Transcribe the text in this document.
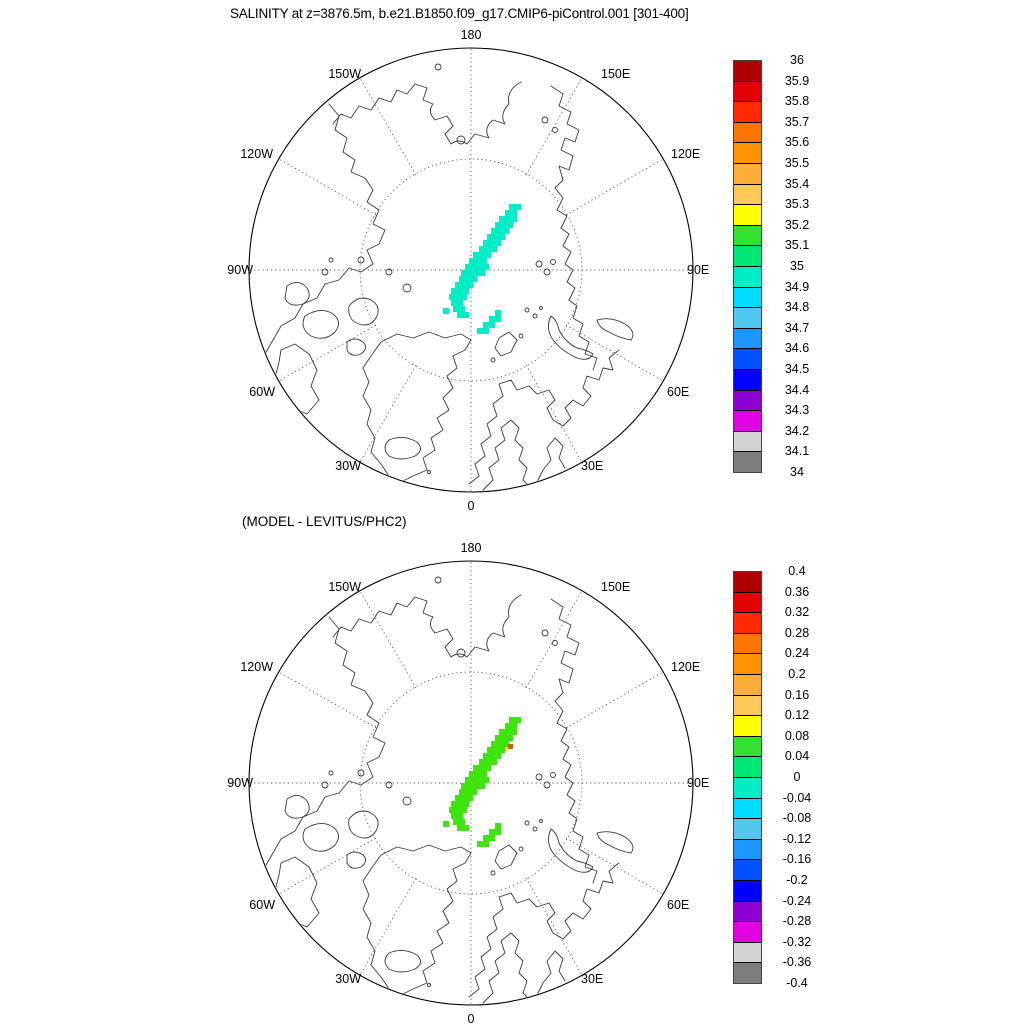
SALINITY at z=3876.5m, b.e21.B1850.f09_g17.CMIP6-piControl.001 [301-400]
(MODEL - LEVITUS/PHC2)
180
150E
120E
90E
60E
30E
0
30W
60W
90W
120W
150W
180
150E
120E
90E
60E
30E
0
30W
60W
90W
120W
150W
36
35.9
35.8
35.7
35.6
35.5
35.4
35.3
35.2
35.1
35
34.9
34.8
34.7
34.6
34.5
34.4
34.3
34.2
34.1
34
0.4
0.36
0.32
0.28
0.24
0.2
0.16
0.12
0.08
0.04
0
-0.04
-0.08
-0.12
-0.16
-0.2
-0.24
-0.28
-0.32
-0.36
-0.4
